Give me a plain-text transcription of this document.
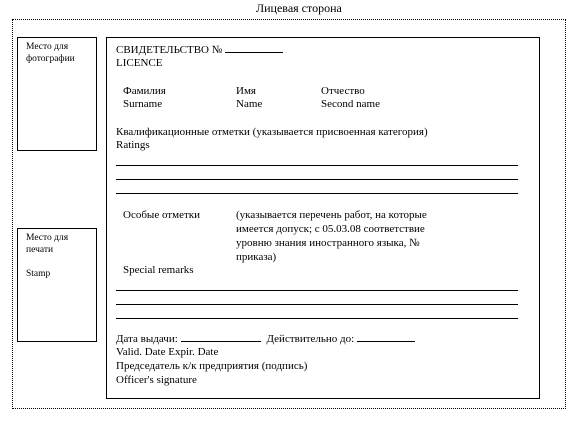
Лицевая сторона
Место для
фотографии
Место для
печати
Stamp
СВИДЕТЕЛЬСТВО №
LICENCE
Фамилия
Surname
Имя
Name
Отчество
Second name
Квалификационные отметки (указывается присвоенная категория)
Ratings
Особые отметки	(указывается перечень работ, на которые
имеется допуск; с 05.03.08 соответствие
уровню знания иностранного языка, №
приказа)
Special remarks
Дата выдачи:	Действительно до:
Valid. Date Expir. Date
Председатель к/к предприятия (подпись)
Officer's signature
